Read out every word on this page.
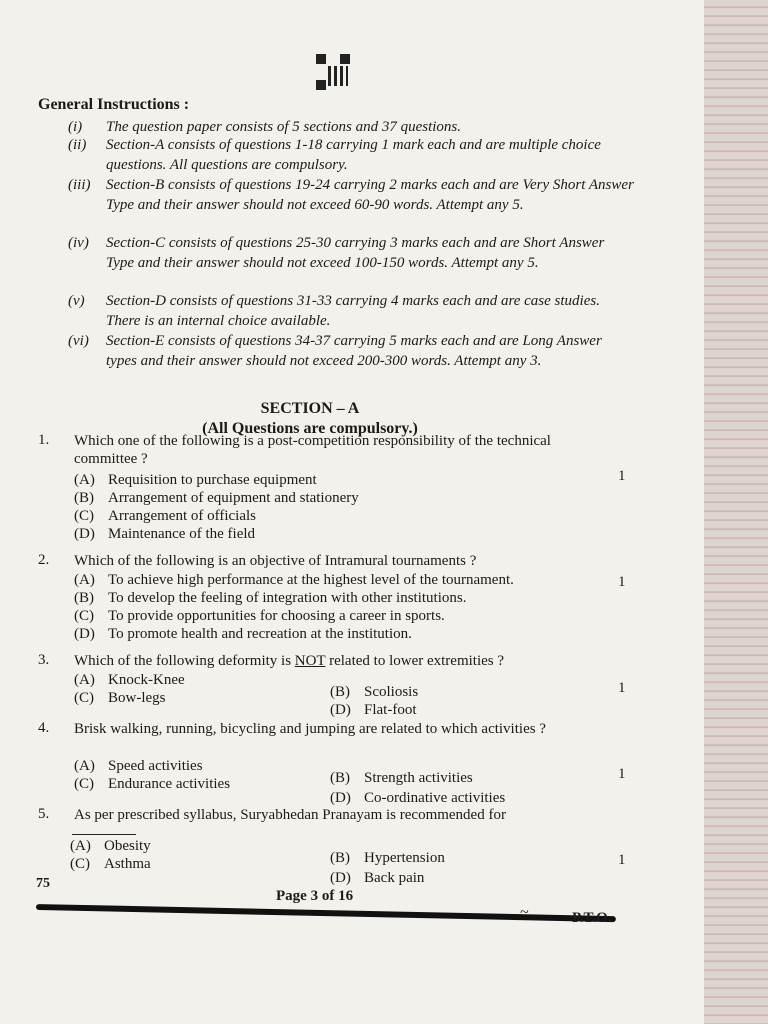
General Instructions :
(i) The question paper consists of 5 sections and 37 questions.
(ii) Section-A consists of questions 1-18 carrying 1 mark each and are multiple choice questions. All questions are compulsory.
(iii) Section-B consists of questions 19-24 carrying 2 marks each and are Very Short Answer Type and their answer should not exceed 60-90 words. Attempt any 5.
(iv) Section-C consists of questions 25-30 carrying 3 marks each and are Short Answer Type and their answer should not exceed 100-150 words. Attempt any 5.
(v) Section-D consists of questions 31-33 carrying 4 marks each and are case studies. There is an internal choice available.
(vi) Section-E consists of questions 34-37 carrying 5 marks each and are Long Answer types and their answer should not exceed 200-300 words. Attempt any 3.
SECTION – A
(All Questions are compulsory.)
1. Which one of the following is a post-competition responsibility of the technical committee ?
1
(A) Requisition to purchase equipment
(B) Arrangement of equipment and stationery
(C) Arrangement of officials
(D) Maintenance of the field
2. Which of the following is an objective of Intramural tournaments ?
1
(A) To achieve high performance at the highest level of the tournament.
(B) To develop the feeling of integration with other institutions.
(C) To provide opportunities for choosing a career in sports.
(D) To promote health and recreation at the institution.
3. Which of the following deformity is NOT related to lower extremities ?
1
(A) Knock-Knee
(B) Scoliosis
(C) Bow-legs
(D) Flat-foot
4. Brisk walking, running, bicycling and jumping are related to which activities ?
1
(A) Speed activities
(B) Strength activities
(C) Endurance activities
(D) Co-ordinative activities
5. As per prescribed syllabus, Suryabhedan Pranayam is recommended for
1
(A) Obesity
(B) Hypertension
(C) Asthma
(D) Back pain
75
Page 3 of 16
~	P.T.O.
